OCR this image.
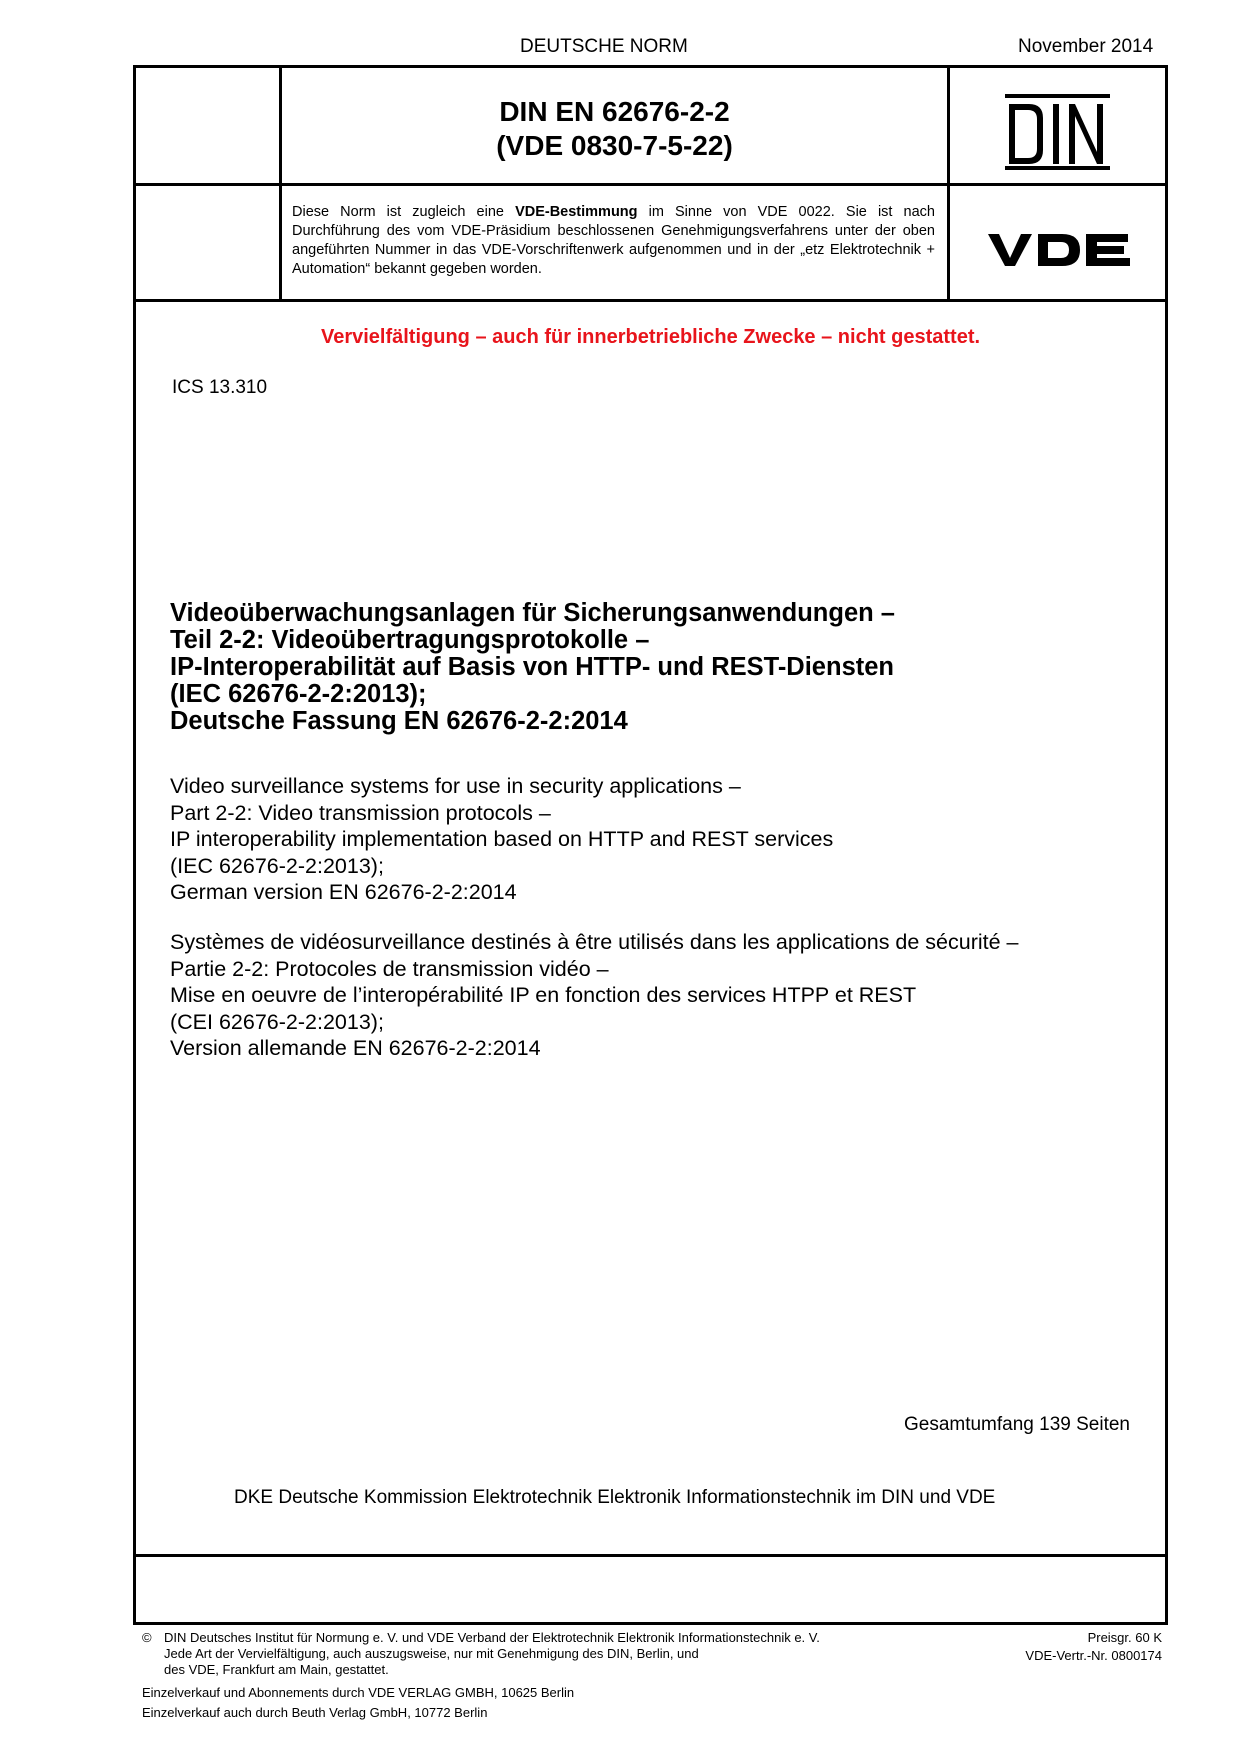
DEUTSCHE NORM	November 2014
DIN EN 62676-2-2
(VDE 0830-7-5-22)
Diese Norm ist zugleich eine VDE-Bestimmung im Sinne von VDE 0022. Sie ist nach Durchführung des vom VDE-Präsidium beschlossenen Genehmigungsverfahrens unter der oben angeführten Nummer in das VDE-Vorschriftenwerk aufgenommen und in der „etz Elektrotechnik + Automation“ bekannt gegeben worden.
Vervielfältigung – auch für innerbetriebliche Zwecke – nicht gestattet.
ICS 13.310
Videoüberwachungsanlagen für Sicherungsanwendungen –
Teil 2-2: Videoübertragungsprotokolle –
IP-Interoperabilität auf Basis von HTTP- und REST-Diensten
(IEC 62676-2-2:2013);
Deutsche Fassung EN 62676-2-2:2014
Video surveillance systems for use in security applications –
Part 2-2: Video transmission protocols –
IP interoperability implementation based on HTTP and REST services
(IEC 62676-2-2:2013);
German version EN 62676-2-2:2014
Systèmes de vidéosurveillance destinés à être utilisés dans les applications de sécurité –
Partie 2-2: Protocoles de transmission vidéo –
Mise en oeuvre de l’interopérabilité IP en fonction des services HTPP et REST
(CEI 62676-2-2:2013);
Version allemande EN 62676-2-2:2014
Gesamtumfang 139 Seiten
DKE Deutsche Kommission Elektrotechnik Elektronik Informationstechnik im DIN und VDE
© DIN Deutsches Institut für Normung e. V. und VDE Verband der Elektrotechnik Elektronik Informationstechnik e. V.
Jede Art der Vervielfältigung, auch auszugsweise, nur mit Genehmigung des DIN, Berlin, und
des VDE, Frankfurt am Main, gestattet.
Preisgr. 60 K
VDE-Vertr.-Nr. 0800174
Einzelverkauf und Abonnements durch VDE VERLAG GMBH, 10625 Berlin
Einzelverkauf auch durch Beuth Verlag GmbH, 10772 Berlin
